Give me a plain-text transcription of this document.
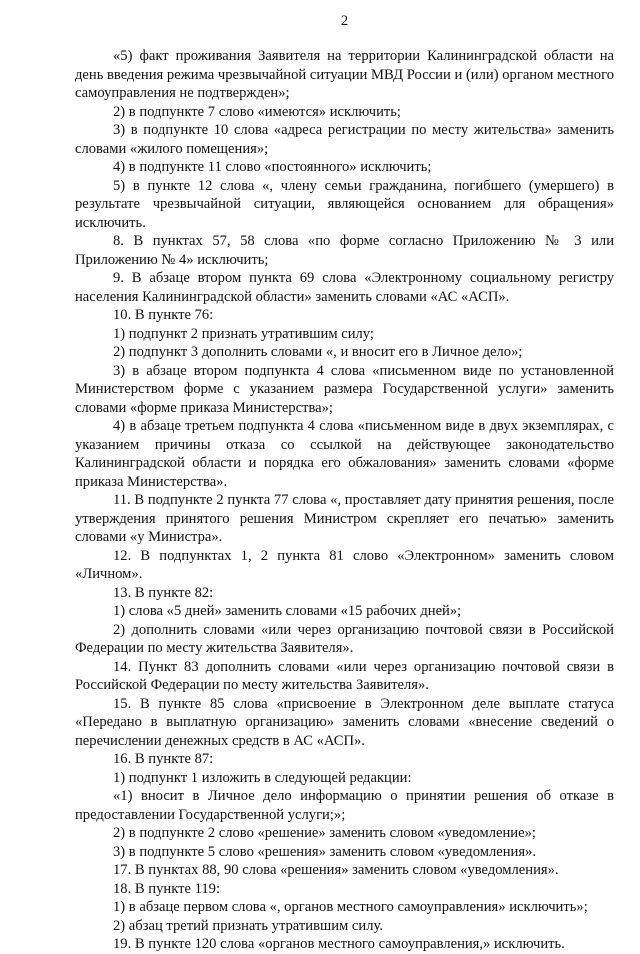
2

«5) факт проживания Заявителя на территории Калининградской области на день введения режима чрезвычайной ситуации МВД России и (или) органом местного самоуправления не подтвержден»;

2) в подпункте 7 слово «имеются» исключить;

3) в подпункте 10 слова «адреса регистрации по месту жительства» заменить словами «жилого помещения»;

4) в подпункте 11 слово «постоянного» исключить;

5) в пункте 12 слова «, члену семьи гражданина, погибшего (умершего) в результате чрезвычайной ситуации, являющейся основанием для обращения» исключить.

8. В пунктах 57, 58 слова «по форме согласно Приложению № 3 или Приложению № 4» исключить;

9. В абзаце втором пункта 69 слова «Электронному социальному регистру населения Калининградской области» заменить словами «АС «АСП».

10. В пункте 76:

1) подпункт 2 признать утратившим силу;

2) подпункт 3 дополнить словами «, и вносит его в Личное дело»;

3) в абзаце втором подпункта 4 слова «письменном виде по установленной Министерством форме с указанием размера Государственной услуги» заменить словами «форме приказа Министерства»;

4) в абзаце третьем подпункта 4 слова «письменном виде в двух экземплярах, с указанием причины отказа со ссылкой на действующее законодательство Калининградской области и порядка его обжалования» заменить словами «форме приказа Министерства».

11. В подпункте 2 пункта 77 слова «, проставляет дату принятия решения, после утверждения принятого решения Министром скрепляет его печатью» заменить словами «у Министра».

12. В подпунктах 1, 2 пункта 81 слово «Электронном» заменить словом «Личном».

13. В пункте 82:

1) слова «5 дней» заменить словами «15 рабочих дней»;

2) дополнить словами «или через организацию почтовой связи в Российской Федерации по месту жительства Заявителя».

14. Пункт 83 дополнить словами «или через организацию почтовой связи в Российской Федерации по месту жительства Заявителя».

15. В пункте 85 слова «присвоение в Электронном деле выплате статуса «Передано в выплатную организацию» заменить словами «внесение сведений о перечислении денежных средств в АС «АСП».

16. В пункте 87:

1) подпункт 1 изложить в следующей редакции:

«1) вносит в Личное дело информацию о принятии решения об отказе в предоставлении Государственной услуги;»;

2) в подпункте 2 слово «решение» заменить словом «уведомление»;

3) в подпункте 5 слово «решения» заменить словом «уведомления».

17. В пунктах 88, 90 слова «решения» заменить словом «уведомления».

18. В пункте 119:

1) в абзаце первом слова «, органов местного самоуправления» исключить»;

2) абзац третий признать утратившим силу.

19. В пункте 120 слова «органов местного самоуправления,» исключить.
